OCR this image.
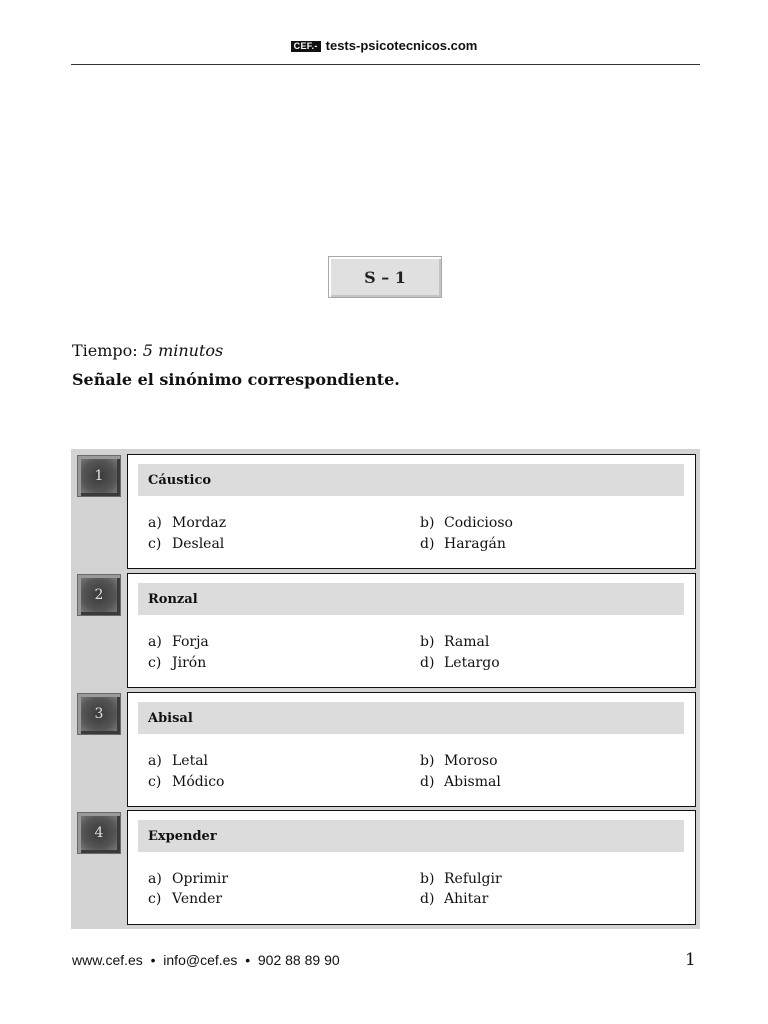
CEF.- tests-psicotecnicos.com
S – 1
Tiempo: 5 minutos
Señale el sinónimo correspondiente.
1	Cáustico
a) Mordaz	b) Codicioso
c) Desleal	d) Haragán
2	Ronzal
a) Forja	b) Ramal
c) Jirón	d) Letargo
3	Abisal
a) Letal	b) Moroso
c) Módico	d) Abismal
4	Expender
a) Oprimir	b) Refulgir
c) Vender	d) Ahitar
www.cef.es • info@cef.es • 902 88 89 90	1
